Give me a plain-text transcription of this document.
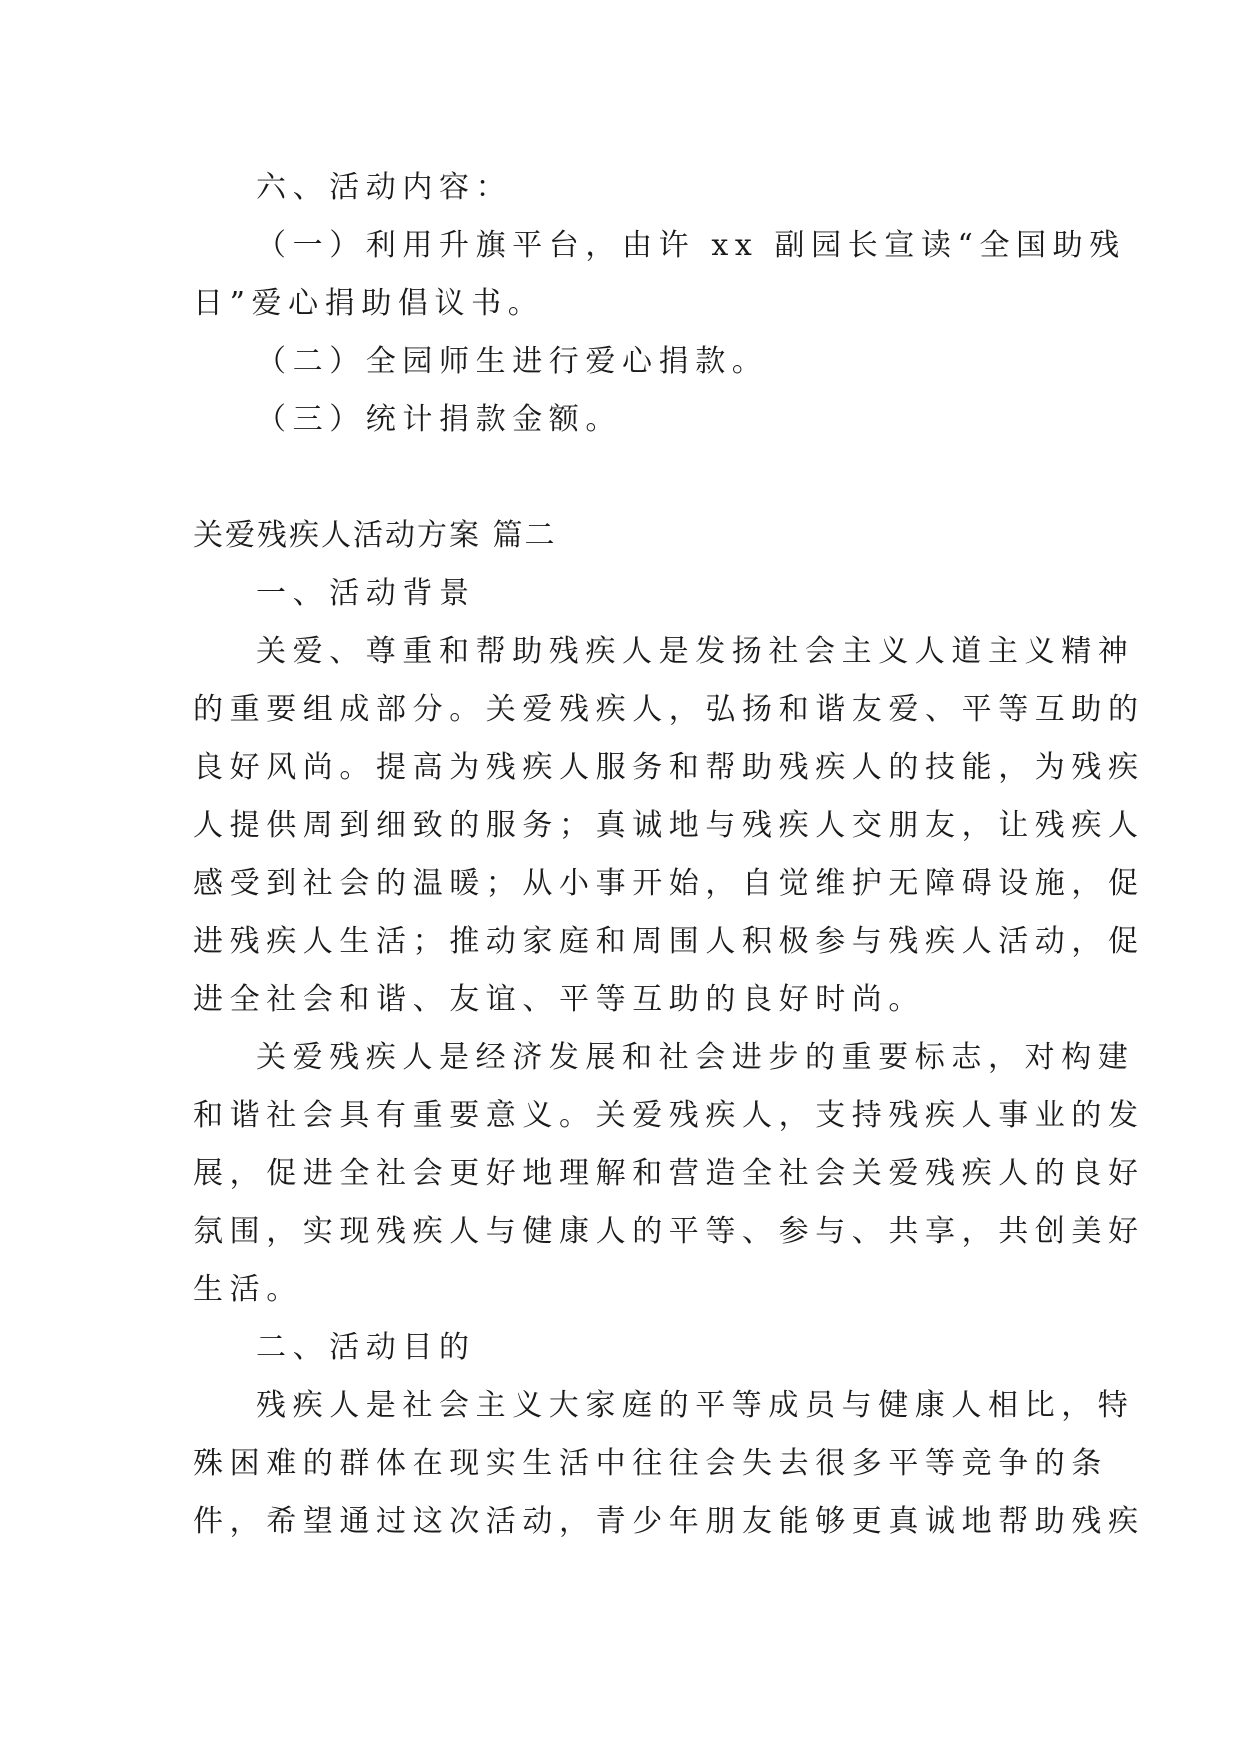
六、活动内容：
（一）利用升旗平台，由许 xx 副园长宣读“全国助残
日”爱心捐助倡议书。
（二）全园师生进行爱心捐款。
（三）统计捐款金额。
关爱残疾人活动方案 篇二
一、活动背景
关爱、尊重和帮助残疾人是发扬社会主义人道主义精神
的重要组成部分。关爱残疾人，弘扬和谐友爱、平等互助的
良好风尚。提高为残疾人服务和帮助残疾人的技能，为残疾
人提供周到细致的服务；真诚地与残疾人交朋友，让残疾人
感受到社会的温暖；从小事开始，自觉维护无障碍设施，促
进残疾人生活；推动家庭和周围人积极参与残疾人活动，促
进全社会和谐、友谊、平等互助的良好时尚。
关爱残疾人是经济发展和社会进步的重要标志，对构建
和谐社会具有重要意义。关爱残疾人，支持残疾人事业的发
展，促进全社会更好地理解和营造全社会关爱残疾人的良好
氛围，实现残疾人与健康人的平等、参与、共享，共创美好
生活。
二、活动目的
残疾人是社会主义大家庭的平等成员与健康人相比，特
殊困难的群体在现实生活中往往会失去很多平等竞争的条
件，希望通过这次活动，青少年朋友能够更真诚地帮助残疾
